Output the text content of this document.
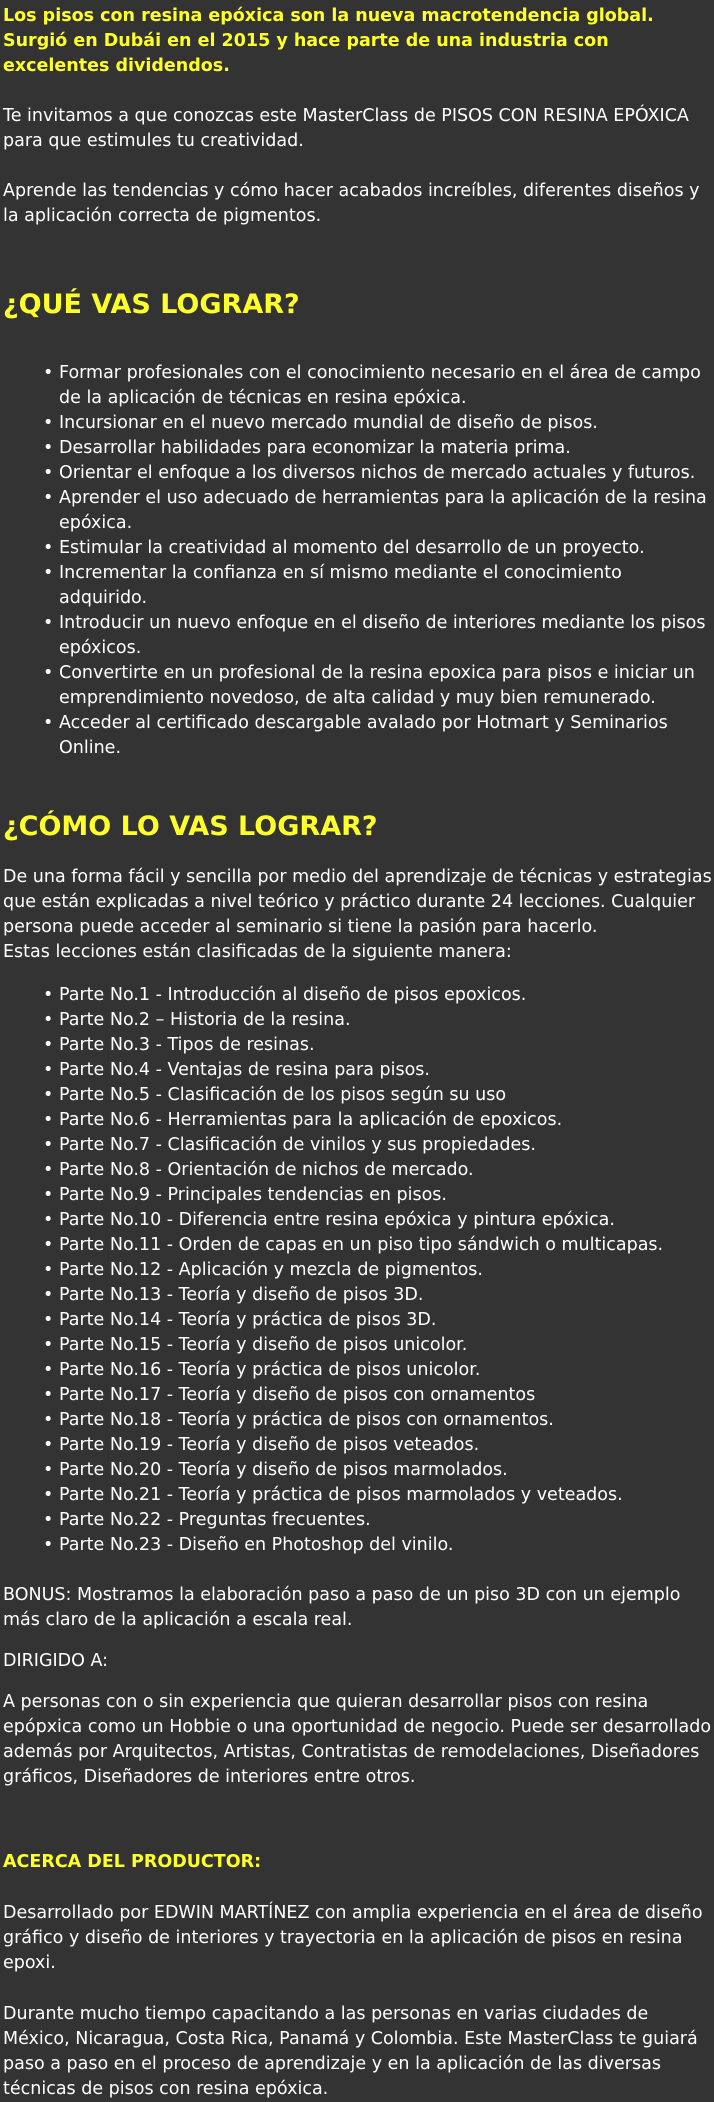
Los pisos con resina epóxica son la nueva macrotendencia global. Surgió en Dubái en el 2015 y hace parte de una industria con excelentes dividendos.

Te invitamos a que conozcas este MasterClass de PISOS CON RESINA EPÓXICA para que estimules tu creatividad.

Aprende las tendencias y cómo hacer acabados increíbles, diferentes diseños y la aplicación correcta de pigmentos.

¿QUÉ VAS LOGRAR?
• Formar profesionales con el conocimiento necesario en el área de campo de la aplicación de técnicas en resina epóxica.
• Incursionar en el nuevo mercado mundial de diseño de pisos.
• Desarrollar habilidades para economizar la materia prima.
• Orientar el enfoque a los diversos nichos de mercado actuales y futuros.
• Aprender el uso adecuado de herramientas para la aplicación de la resina epóxica.
• Estimular la creatividad al momento del desarrollo de un proyecto.
• Incrementar la confianza en sí mismo mediante el conocimiento adquirido.
• Introducir un nuevo enfoque en el diseño de interiores mediante los pisos epóxicos.
• Convertirte en un profesional de la resina epoxica para pisos e iniciar un emprendimiento novedoso, de alta calidad y muy bien remunerado.
• Acceder al certificado descargable avalado por Hotmart y Seminarios Online.
¿CÓMO LO VAS LOGRAR?

De una forma fácil y sencilla por medio del aprendizaje de técnicas y estrategias que están explicadas a nivel teórico y práctico durante 24 lecciones. Cualquier persona puede acceder al seminario si tiene la pasión para hacerlo.

Estas lecciones están clasificadas de la siguiente manera:

• Parte No.1 - Introducción al diseño de pisos epoxicos.
• Parte No.2 – Historia de la resina.
• Parte No.3 - Tipos de resinas.
• Parte No.4 - Ventajas de resina para pisos.
• Parte No.5 - Clasificación de los pisos según su uso
• Parte No.6 - Herramientas para la aplicación de epoxicos.
• Parte No.7 - Clasificación de vinilos y sus propiedades.
• Parte No.8 - Orientación de nichos de mercado.
• Parte No.9 - Principales tendencias en pisos.
• Parte No.10 - Diferencia entre resina epóxica y pintura epóxica.
• Parte No.11 - Orden de capas en un piso tipo sándwich o multicapas.
• Parte No.12 - Aplicación y mezcla de pigmentos.
• Parte No.13 - Teoría y diseño de pisos 3D.
• Parte No.14 - Teoría y práctica de pisos 3D.
• Parte No.15 - Teoría y diseño de pisos unicolor.
• Parte No.16 - Teoría y práctica de pisos unicolor.
• Parte No.17 - Teoría y diseño de pisos con ornamentos
• Parte No.18 - Teoría y práctica de pisos con ornamentos.
• Parte No.19 - Teoría y diseño de pisos veteados.
• Parte No.20 - Teoría y diseño de pisos marmolados.
• Parte No.21 - Teoría y práctica de pisos marmolados y veteados.
• Parte No.22 - Preguntas frecuentes.
• Parte No.23 - Diseño en Photoshop del vinilo.

BONUS: Mostramos la elaboración paso a paso de un piso 3D con un ejemplo más claro de la aplicación a escala real.

DIRIGIDO A:

A personas con o sin experiencia que quieran desarrollar pisos con resina epópxica como un Hobbie o una oportunidad de negocio. Puede ser desarrollado además por Arquitectos, Artistas, Contratistas de remodelaciones, Diseñadores gráficos, Diseñadores de interiores entre otros.

ACERCA DEL PRODUCTOR:

Desarrollado por EDWIN MARTÍNEZ con amplia experiencia en el área de diseño gráfico y diseño de interiores y trayectoria en la aplicación de pisos en resina epoxi.

Durante mucho tiempo capacitando a las personas en varias ciudades de México, Nicaragua, Costa Rica, Panamá y Colombia. Este MasterClass te guiará paso a paso en el proceso de aprendizaje y en la aplicación de las diversas técnicas de pisos con resina epóxica.
